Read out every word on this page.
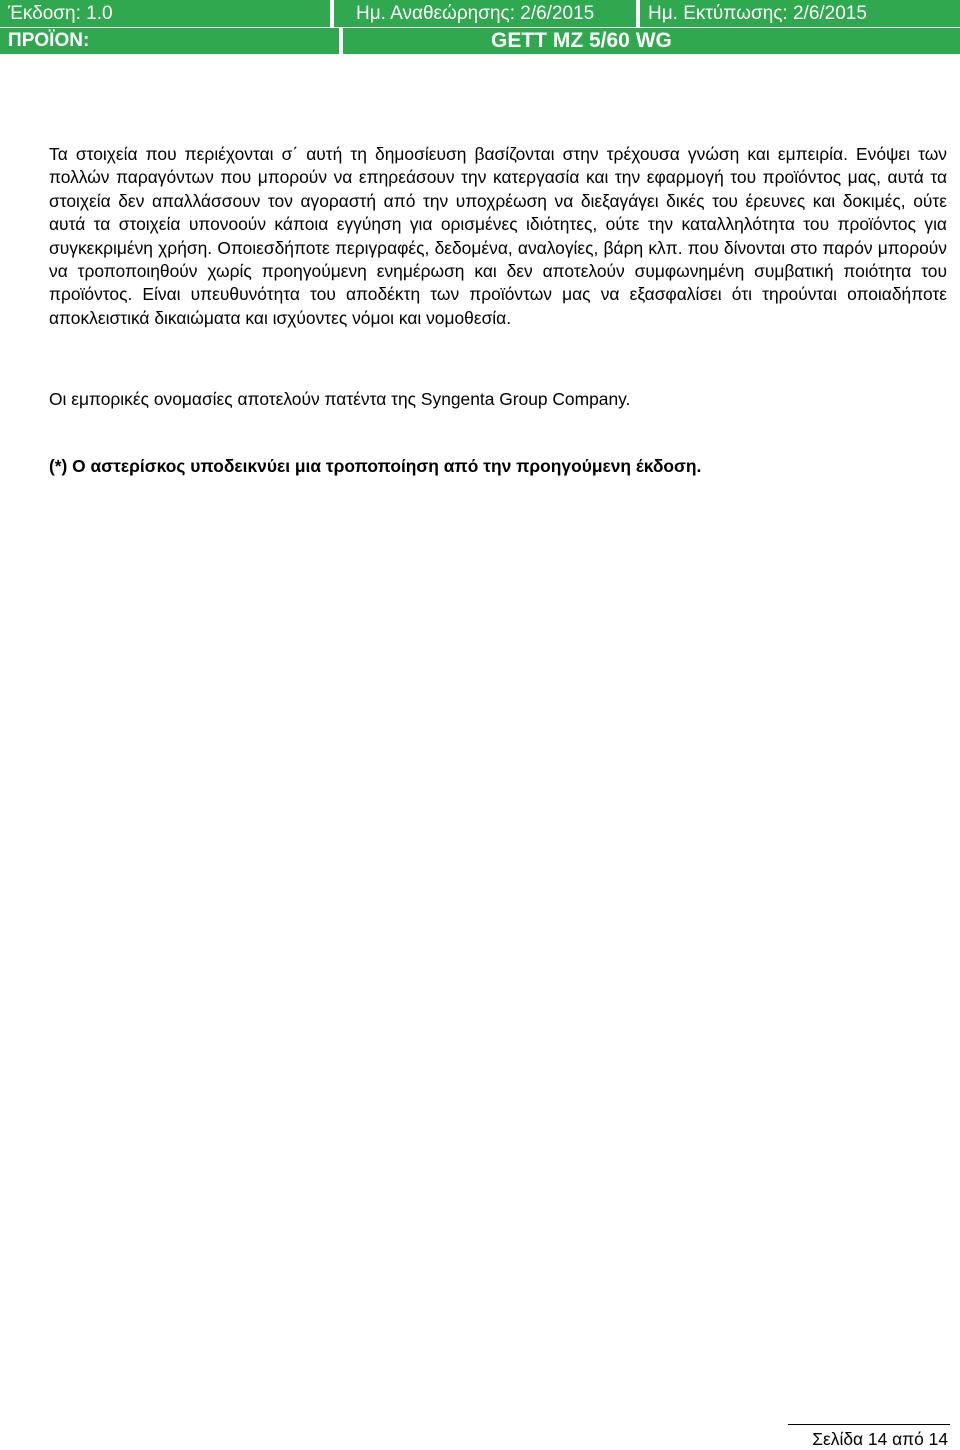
Έκδοση: 1.0	Ημ. Αναθεώρησης: 2/6/2015	Ημ. Εκτύπωσης: 2/6/2015
ΠΡΟΪΟΝ:	GETT MZ 5/60 WG

Τα στοιχεία που περιέχονται σ΄ αυτή τη δημοσίευση βασίζονται στην τρέχουσα γνώση και εμπειρία. Ενόψει των πολλών παραγόντων που μπορούν να επηρεάσουν την κατεργασία και την εφαρμογή του προϊόντος μας, αυτά τα στοιχεία δεν απαλλάσσουν τον αγοραστή από την υποχρέωση να διεξαγάγει δικές του έρευνες και δοκιμές, ούτε αυτά τα στοιχεία υπονοούν κάποια εγγύηση για ορισμένες ιδιότητες, ούτε την καταλληλότητα του προϊόντος για συγκεκριμένη χρήση. Οποιεσδήποτε περιγραφές, δεδομένα, αναλογίες, βάρη κλπ. που δίνονται στο παρόν μπορούν να τροποποιηθούν χωρίς προηγούμενη ενημέρωση και δεν αποτελούν συμφωνημένη συμβατική ποιότητα του προϊόντος. Είναι υπευθυνότητα του αποδέκτη των προϊόντων μας να εξασφαλίσει ότι τηρούνται οποιαδήποτε αποκλειστικά δικαιώματα και ισχύοντες νόμοι και νομοθεσία.

Οι εμπορικές ονομασίες αποτελούν πατέντα της Syngenta Group Company.

(*) Ο αστερίσκος υποδεικνύει μια τροποποίηση από την προηγούμενη έκδοση.

Σελίδα 14 από 14
